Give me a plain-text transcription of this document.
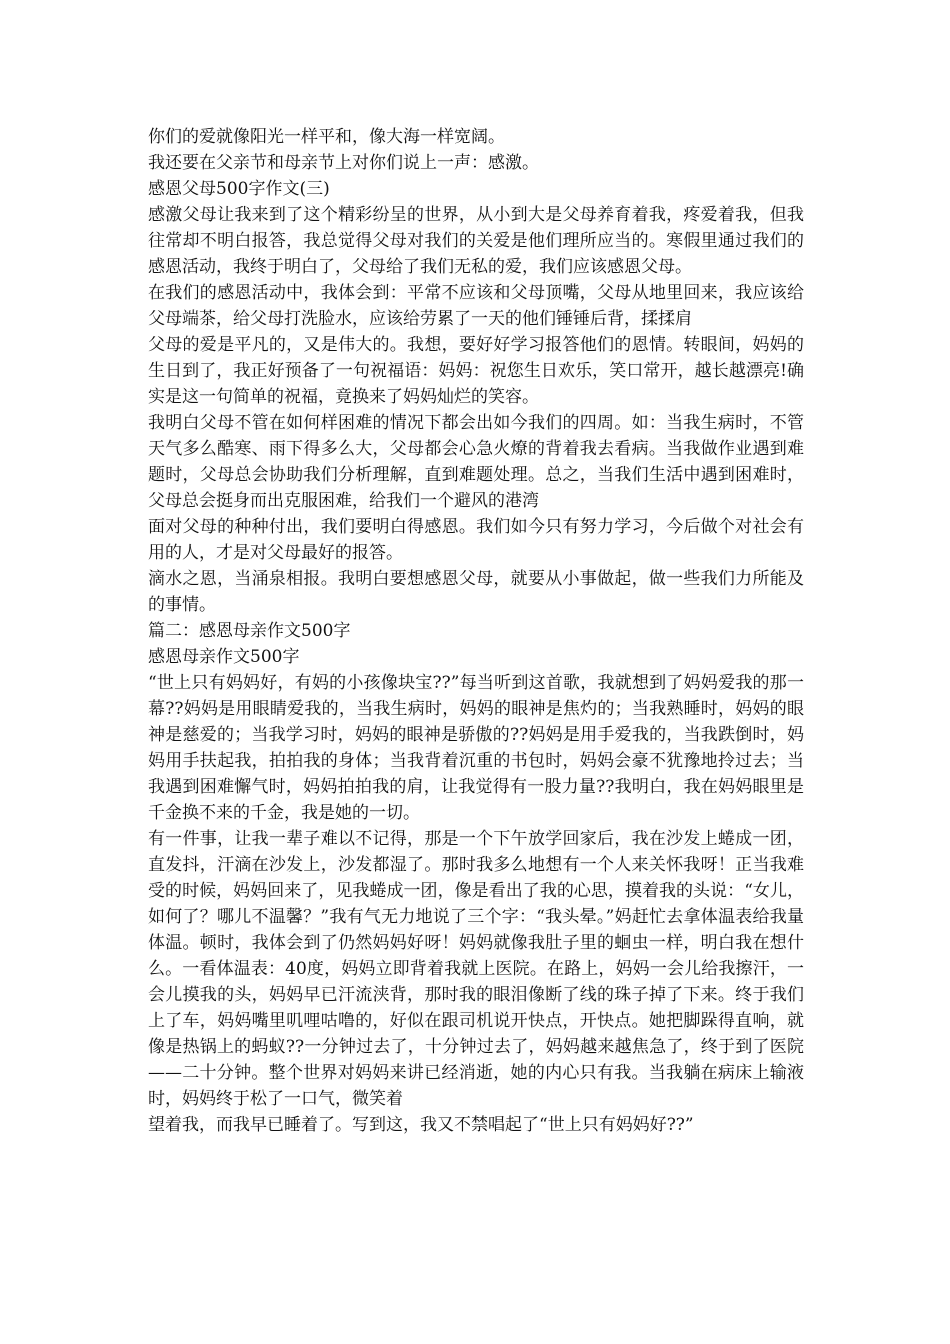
你们的爱就像阳光一样平和，像大海一样宽阔。

我还要在父亲节和母亲节上对你们说上一声：感激。

感恩父母500字作文(三)

感激父母让我来到了这个精彩纷呈的世界，从小到大是父母养育着我，疼爱着我，但我往常却不明白报答，我总觉得父母对我们的关爱是他们理所应当的。寒假里通过我们的感恩活动，我终于明白了，父母给了我们无私的爱，我们应该感恩父母。

在我们的感恩活动中，我体会到：平常不应该和父母顶嘴，父母从地里回来，我应该给父母端茶，给父母打洗脸水，应该给劳累了一天的他们锤锤后背，揉揉肩

父母的爱是平凡的，又是伟大的。我想，要好好学习报答他们的恩情。转眼间，妈妈的生日到了，我正好预备了一句祝福语：妈妈：祝您生日欢乐，笑口常开，越长越漂亮!确实是这一句简单的祝福，竟换来了妈妈灿烂的笑容。

我明白父母不管在如何样困难的情况下都会出如今我们的四周。如：当我生病时，不管天气多么酷寒、雨下得多么大，父母都会心急火燎的背着我去看病。当我做作业遇到难题时，父母总会协助我们分析理解，直到难题处理。总之，当我们生活中遇到困难时，父母总会挺身而出克服困难，给我们一个避风的港湾

面对父母的种种付出，我们要明白得感恩。我们如今只有努力学习，今后做个对社会有用的人，才是对父母最好的报答。

滴水之恩，当涌泉相报。我明白要想感恩父母，就要从小事做起，做一些我们力所能及的事情。

篇二：感恩母亲作文500字

感恩母亲作文500字

“世上只有妈妈好，有妈的小孩像块宝??”每当听到这首歌，我就想到了妈妈爱我的那一幕??妈妈是用眼睛爱我的，当我生病时，妈妈的眼神是焦灼的；当我熟睡时，妈妈的眼神是慈爱的；当我学习时，妈妈的眼神是骄傲的??妈妈是用手爱我的，当我跌倒时，妈妈用手扶起我，拍拍我的身体；当我背着沉重的书包时，妈妈会豪不犹豫地拎过去；当我遇到困难懈气时，妈妈拍拍我的肩，让我觉得有一股力量??我明白，我在妈妈眼里是千金换不来的千金，我是她的一切。

有一件事，让我一辈子难以不记得，那是一个下午放学回家后，我在沙发上蜷成一团，直发抖，汗滴在沙发上，沙发都湿了。那时我多么地想有一个人来关怀我呀！正当我难受的时候，妈妈回来了，见我蜷成一团，像是看出了我的心思，摸着我的头说：“女儿，如何了？哪儿不温馨？”我有气无力地说了三个字：“我头晕。”妈赶忙去拿体温表给我量体温。顿时，我体会到了仍然妈妈好呀！妈妈就像我肚子里的蛔虫一样，明白我在想什么。一看体温表：40度，妈妈立即背着我就上医院。在路上，妈妈一会儿给我擦汗，一会儿摸我的头，妈妈早已汗流浃背，那时我的眼泪像断了线的珠子掉了下来。终于我们上了车，妈妈嘴里叽哩咕噜的，好似在跟司机说开快点，开快点。她把脚跺得直响，就像是热锅上的蚂蚁??一分钟过去了，十分钟过去了，妈妈越来越焦急了，终于到了医院——二十分钟。整个世界对妈妈来讲已经消逝，她的内心只有我。当我躺在病床上输液时，妈妈终于松了一口气，微笑着

望着我，而我早已睡着了。写到这，我又不禁唱起了“世上只有妈妈好??”
